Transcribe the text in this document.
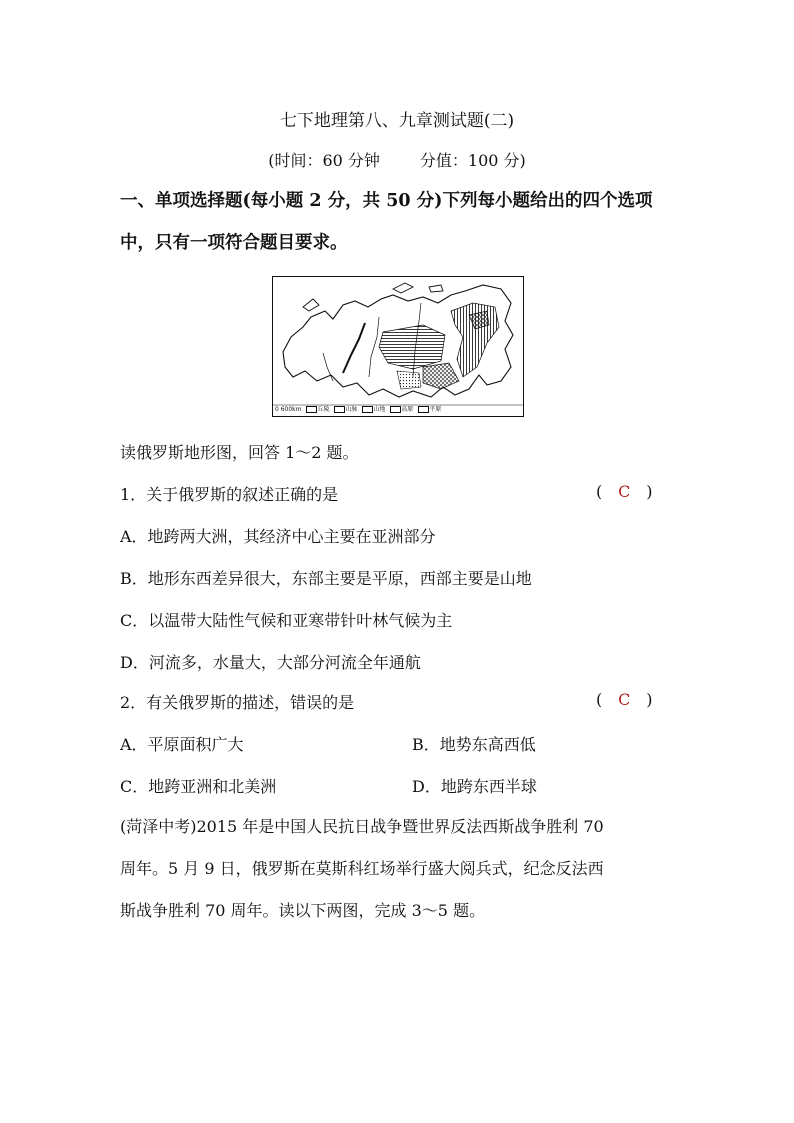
七下地理第八、九章测试题(二)
(时间：60 分钟	分值：100 分)
一、单项选择题(每小题 2 分，共 50 分)下列每小题给出的四个选项
中，只有一项符合题目要求。
0 600km	丘陵	山脉	山地	高原	平原
读俄罗斯地形图，回答 1～2 题。
1．关于俄罗斯的叙述正确的是	( C )
A．地跨两大洲，其经济中心主要在亚洲部分
B．地形东西差异很大，东部主要是平原，西部主要是山地
C．以温带大陆性气候和亚寒带针叶林气候为主
D．河流多，水量大，大部分河流全年通航
2．有关俄罗斯的描述，错误的是	( C )
A．平原面积广大	B．地势东高西低
C．地跨亚洲和北美洲	D．地跨东西半球
(菏泽中考)2015 年是中国人民抗日战争暨世界反法西斯战争胜利 70
周年。5 月 9 日，俄罗斯在莫斯科红场举行盛大阅兵式，纪念反法西
斯战争胜利 70 周年。读以下两图，完成 3～5 题。
